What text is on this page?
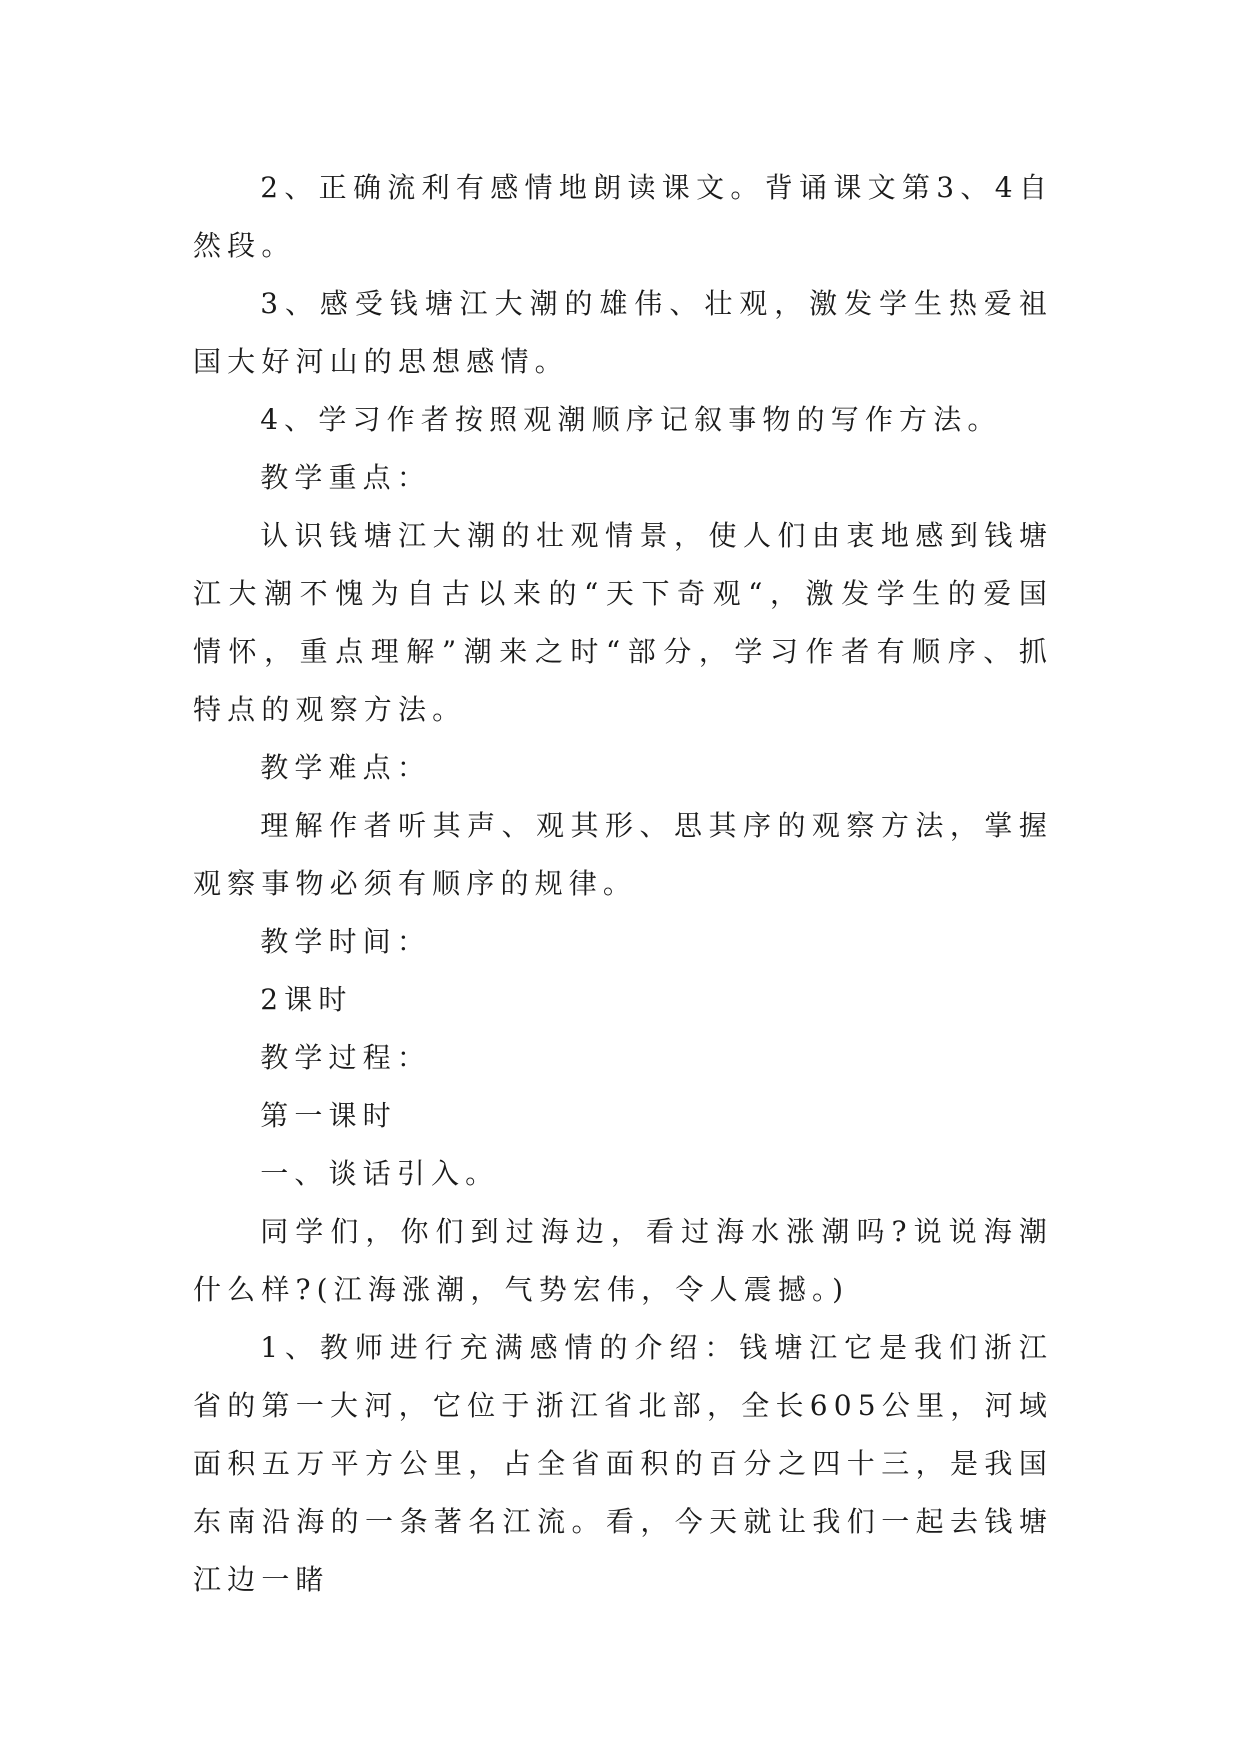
2、正确流利有感情地朗读课文。背诵课文第3、4自然段。

3、感受钱塘江大潮的雄伟、壮观，激发学生热爱祖国大好河山的思想感情。

4、学习作者按照观潮顺序记叙事物的写作方法。

教学重点：

认识钱塘江大潮的壮观情景，使人们由衷地感到钱塘江大潮不愧为自古以来的“天下奇观“，激发学生的爱国情怀，重点理解”潮来之时“部分，学习作者有顺序、抓特点的观察方法。

教学难点：

理解作者听其声、观其形、思其序的观察方法，掌握观察事物必须有顺序的规律。

教学时间：

2课时

教学过程：

第一课时

一、谈话引入。

同学们，你们到过海边，看过海水涨潮吗?说说海潮什么样?(江海涨潮，气势宏伟，令人震撼。)

1、教师进行充满感情的介绍：钱塘江它是我们浙江省的第一大河，它位于浙江省北部，全长605公里，河域面积五万平方公里，占全省面积的百分之四十三，是我国东南沿海的一条著名江流。看，今天就让我们一起去钱塘江边一睹
